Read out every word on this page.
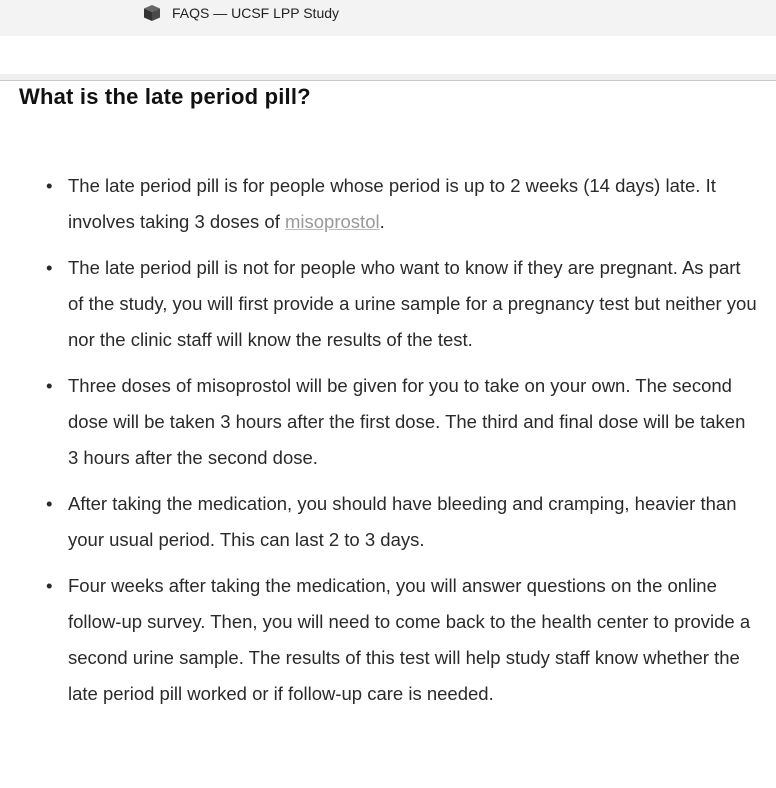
FAQS — UCSF LPP Study
What is the late period pill?
• The late period pill is for people whose period is up to 2 weeks (14 days) late. It involves taking 3 doses of misoprostol.
• The late period pill is not for people who want to know if they are pregnant. As part of the study, you will first provide a urine sample for a pregnancy test but neither you nor the clinic staff will know the results of the test.
• Three doses of misoprostol will be given for you to take on your own. The second dose will be taken 3 hours after the first dose. The third and final dose will be taken 3 hours after the second dose.
• After taking the medication, you should have bleeding and cramping, heavier than your usual period. This can last 2 to 3 days.
• Four weeks after taking the medication, you will answer questions on the online follow-up survey. Then, you will need to come back to the health center to provide a second urine sample. The results of this test will help study staff know whether the late period pill worked or if follow-up care is needed.
